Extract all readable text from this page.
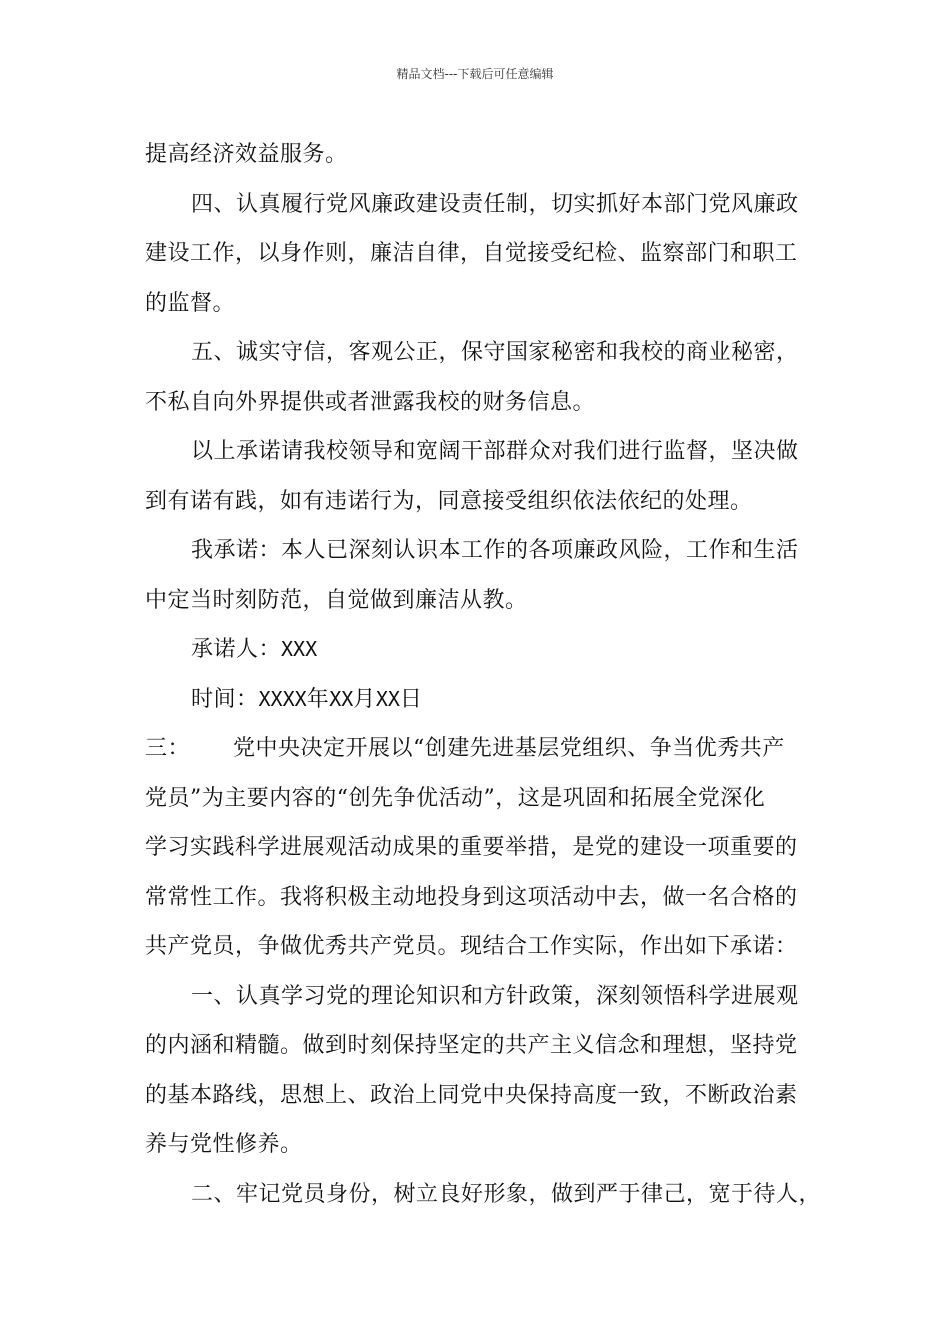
精品文档---下载后可任意编辑
提高经济效益服务。
四、认真履行党风廉政建设责任制，切实抓好本部门党风廉政
建设工作，以身作则，廉洁自律，自觉接受纪检、监察部门和职工
的监督。
五、诚实守信，客观公正，保守国家秘密和我校的商业秘密，
不私自向外界提供或者泄露我校的财务信息。
以上承诺请我校领导和宽阔干部群众对我们进行监督，坚决做
到有诺有践，如有违诺行为，同意接受组织依法依纪的处理。
我承诺：本人已深刻认识本工作的各项廉政风险，工作和生活
中定当时刻防范，自觉做到廉洁从教。
承诺人：XXX
时间：XXXX年XX月XX日
三： 党中央决定开展以“创建先进基层党组织、争当优秀共产
党员”为主要内容的“创先争优活动”，这是巩固和拓展全党深化
学习实践科学进展观活动成果的重要举措，是党的建设一项重要的
常常性工作。我将积极主动地投身到这项活动中去，做一名合格的
共产党员，争做优秀共产党员。现结合工作实际，作出如下承诺：
一、认真学习党的理论知识和方针政策，深刻领悟科学进展观
的内涵和精髓。做到时刻保持坚定的共产主义信念和理想，坚持党
的基本路线，思想上、政治上同党中央保持高度一致，不断政治素
养与党性修养。
二、牢记党员身份，树立良好形象，做到严于律己，宽于待人，
